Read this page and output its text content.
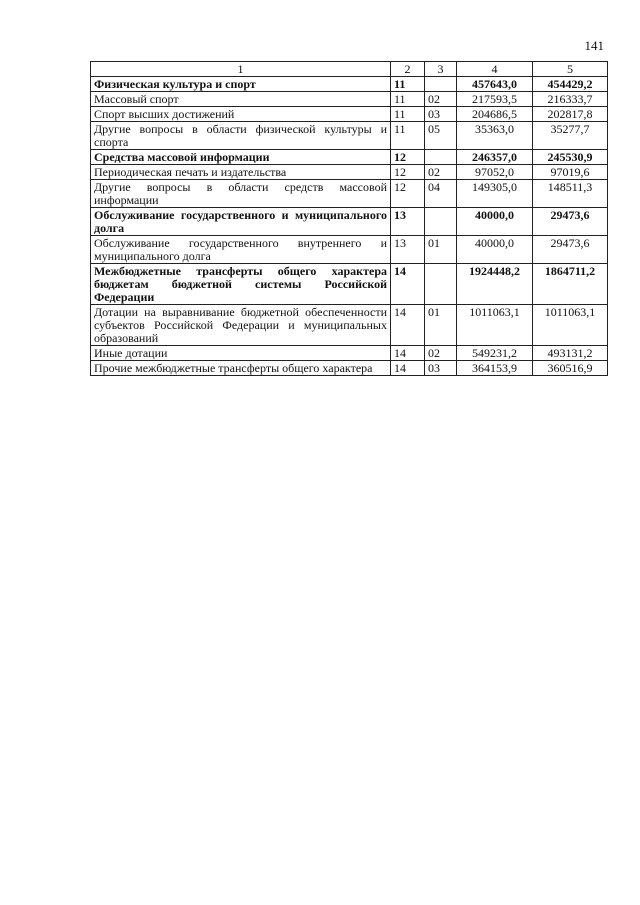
141
1	2	3	4	5
Физическая культура и спорт	11		457643,0	454429,2
Массовый спорт	11	02	217593,5	216333,7
Спорт высших достижений	11	03	204686,5	202817,8
Другие вопросы в области физической культуры и спорта	11	05	35363,0	35277,7
Средства массовой информации	12		246357,0	245530,9
Периодическая печать и издательства	12	02	97052,0	97019,6
Другие вопросы в области средств массовой информации	12	04	149305,0	148511,3
Обслуживание государственного и муниципального долга	13		40000,0	29473,6
Обслуживание государственного внутреннего и муниципального долга	13	01	40000,0	29473,6
Межбюджетные трансферты общего характера бюджетам бюджетной системы Российской Федерации	14		1924448,2	1864711,2
Дотации на выравнивание бюджетной обеспеченности субъектов Российской Федерации и муниципальных образований	14	01	1011063,1	1011063,1
Иные дотации	14	02	549231,2	493131,2
Прочие межбюджетные трансферты общего характера	14	03	364153,9	360516,9
